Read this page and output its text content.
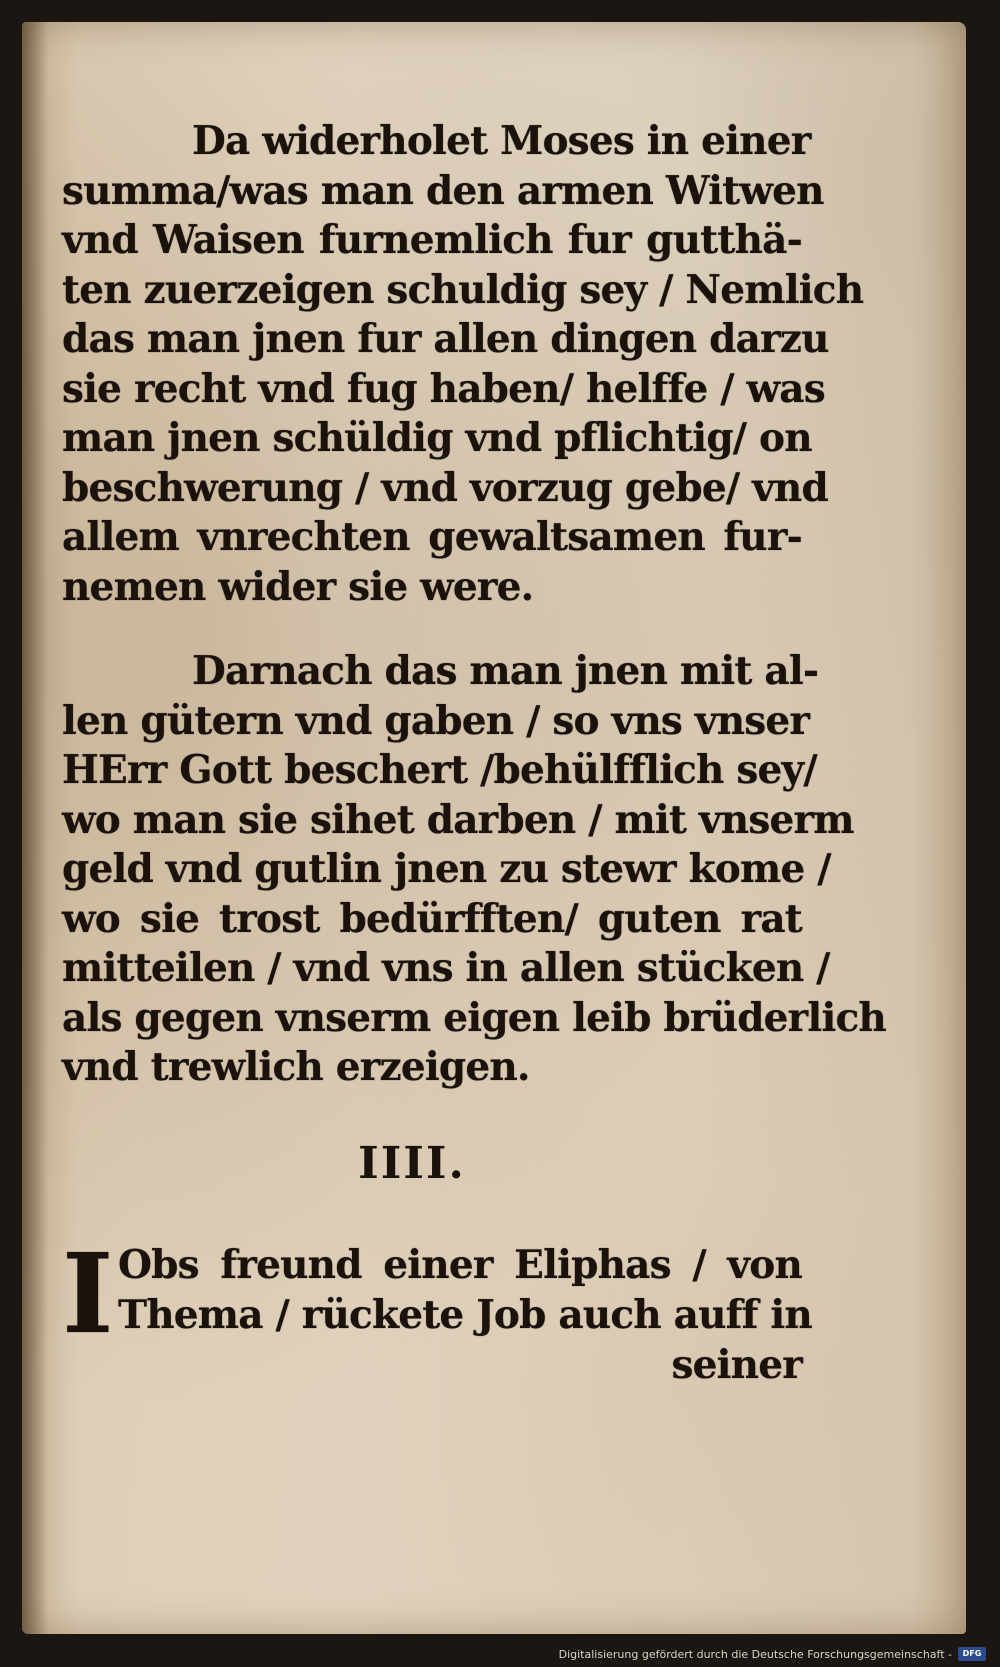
Da widerholet Moses in einer
summa/was man den armen Witwen
vnd Waisen furnemlich fur gutthä-
ten zuerzeigen schuldig sey / Nemlich
das man jnen fur allen dingen darzu
sie recht vnd fug haben/ helffe / was
man jnen schüldig vnd pflichtig/ on
beschwerung / vnd vorzug gebe/ vnd
allem vnrechten gewaltsamen fur-
nemen wider sie were.
Darnach das man jnen mit al-
len gütern vnd gaben / so vns vnser
HErr Gott beschert /behülfflich sey/
wo man sie sihet darben / mit vnserm
geld vnd gutlin jnen zu stewr kome /
wo sie trost bedürfften/ guten rat
mitteilen / vnd vns in allen stücken /
als gegen vnserm eigen leib brüderlich
vnd trewlich erzeigen.
IIII.
I Obs freund einer Eliphas / von
Thema / rückete Job auch auff in
seiner
Digitalisierung gefördert durch die Deutsche Forschungsgemeinschaft -	DFG
